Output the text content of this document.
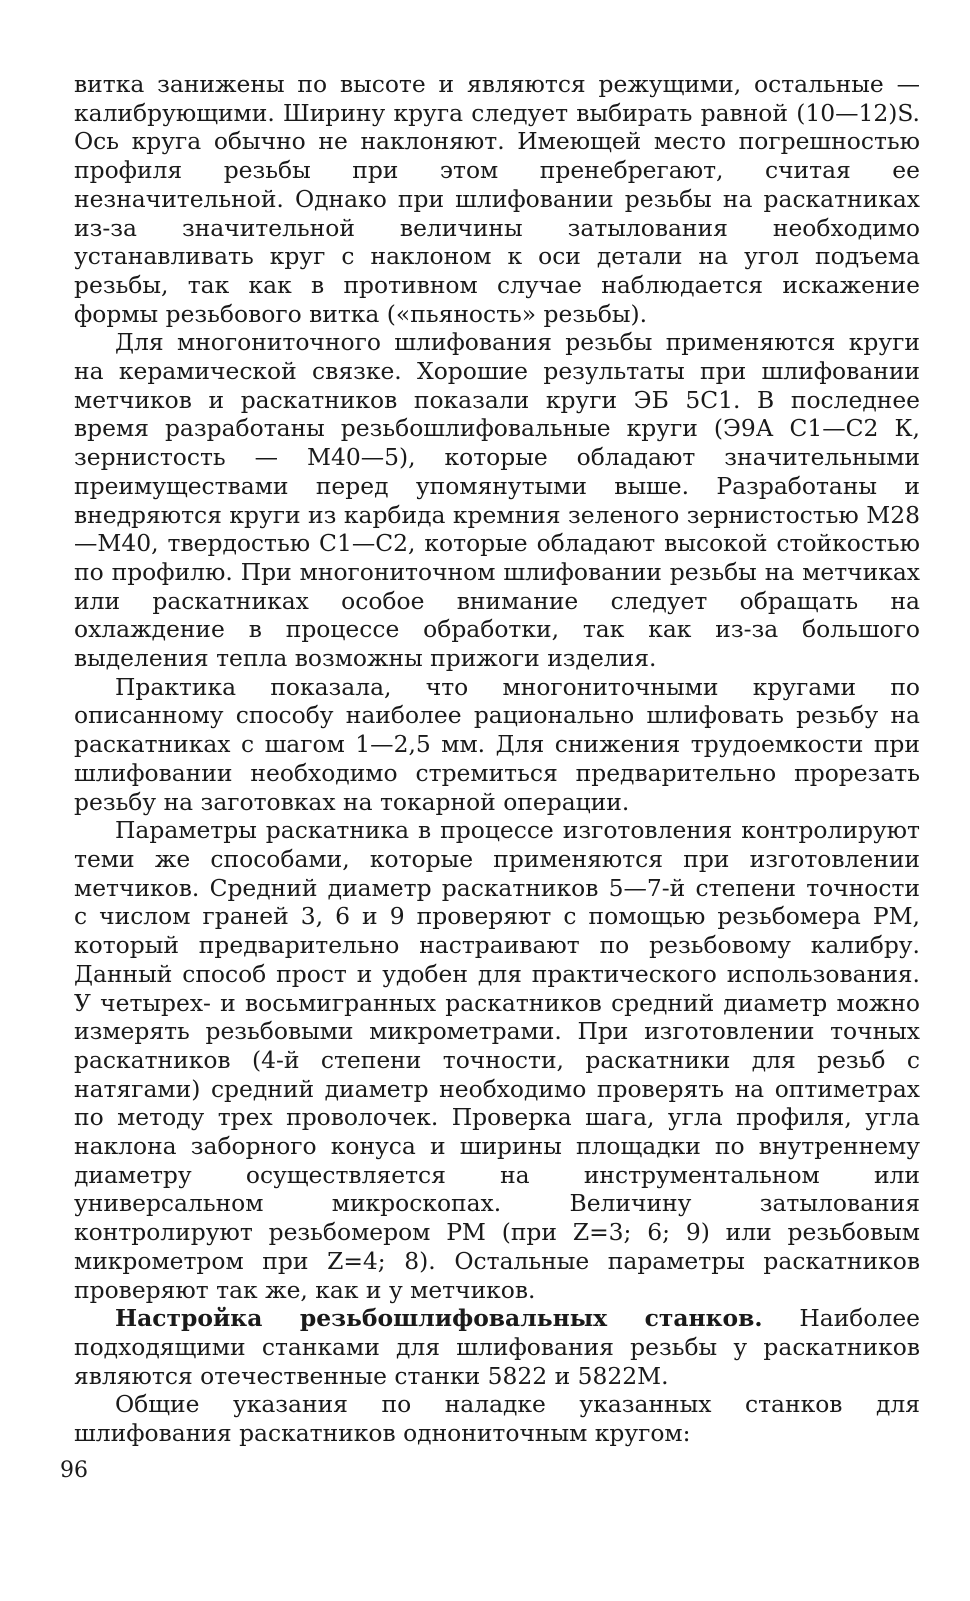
витка занижены по высоте и являются режущими, остальные — калибрующими. Ширину круга следует выбирать равной (10—12)S. Ось круга обычно не наклоняют. Имеющей место погрешностью профиля резьбы при этом пренебрегают, считая ее незначительной. Однако при шлифовании резьбы на раскатниках из-за значительной величины затылования необходимо устанавливать круг с наклоном к оси детали на угол подъема резьбы, так как в противном случае наблюдается искажение формы резьбового витка («пьяность» резьбы).

Для многониточного шлифования резьбы применяются круги на керамической связке. Хорошие результаты при шлифовании метчиков и раскатников показали круги ЭБ 5С1. В последнее время разработаны резьбошлифовальные круги (Э9А С1—С2 К, зернистость — М40—5), которые обладают значительными преимуществами перед упомянутыми выше. Разработаны и внедряются круги из карбида кремния зеленого зернистостью М28—М40, твердостью С1—С2, которые обладают высокой стойкостью по профилю. При многониточном шлифовании резьбы на метчиках или раскатниках особое внимание следует обращать на охлаждение в процессе обработки, так как из-за большого выделения тепла возможны прижоги изделия.

Практика показала, что многониточными кругами по описанному способу наиболее рационально шлифовать резьбу на раскатниках с шагом 1—2,5 мм. Для снижения трудоемкости при шлифовании необходимо стремиться предварительно прорезать резьбу на заготовках на токарной операции.

Параметры раскатника в процессе изготовления контролируют теми же способами, которые применяются при изготовлении метчиков. Средний диаметр раскатников 5—7-й степени точности с числом граней 3, 6 и 9 проверяют с помощью резьбомера РМ, который предварительно настраивают по резьбовому калибру. Данный способ прост и удобен для практического использования. У четырех- и восьмигранных раскатников средний диаметр можно измерять резьбовыми микрометрами. При изготовлении точных раскатников (4-й степени точности, раскатники для резьб с натягами) средний диаметр необходимо проверять на оптиметрах по методу трех проволочек. Проверка шага, угла профиля, угла наклона заборного конуса и ширины площадки по внутреннему диаметру осуществляется на инструментальном или универсальном микроскопах. Величину затылования контролируют резьбомером РМ (при Z=3; 6; 9) или резьбовым микрометром при Z=4; 8). Остальные параметры раскатников проверяют так же, как и у метчиков.

Настройка резьбошлифовальных станков. Наиболее подходящими станками для шлифования резьбы у раскатников являются отечественные станки 5822 и 5822М.

Общие указания по наладке указанных станков для шлифования раскатников однониточным кругом:

96
